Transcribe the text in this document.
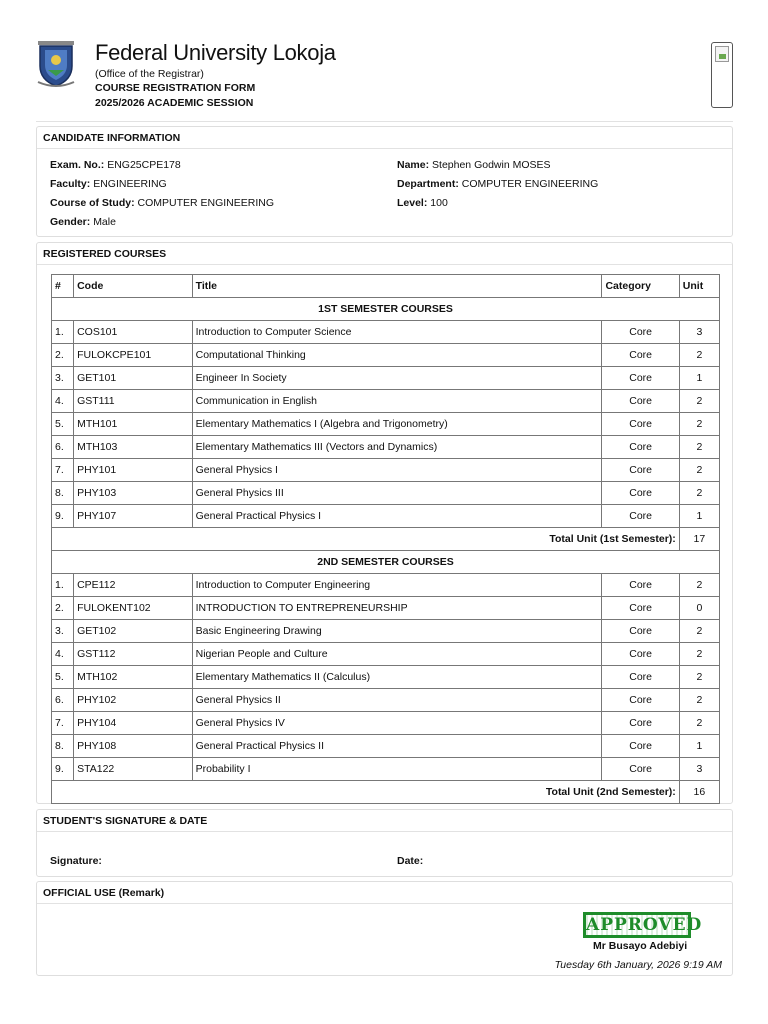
Federal University Lokoja
(Office of the Registrar)
COURSE REGISTRATION FORM
2025/2026 ACADEMIC SESSION
CANDIDATE INFORMATION
Exam. No.: ENG25CPE178	Name: Stephen Godwin MOSES
Faculty: ENGINEERING	Department: COMPUTER ENGINEERING
Course of Study: COMPUTER ENGINEERING	Level: 100
Gender: Male
REGISTERED COURSES
#	Code	Title	Category	Unit
1ST SEMESTER COURSES				
1.	COS101	Introduction to Computer Science	Core	3
2.	FULOKCPE101	Computational Thinking	Core	2
3.	GET101	Engineer In Society	Core	1
4.	GST111	Communication in English	Core	2
5.	MTH101	Elementary Mathematics I (Algebra and Trigonometry)	Core	2
6.	MTH103	Elementary Mathematics III (Vectors and Dynamics)	Core	2
7.	PHY101	General Physics I	Core	2
8.	PHY103	General Physics III	Core	2
9.	PHY107	General Practical Physics I	Core	1
Total Unit (1st Semester):				17
2ND SEMESTER COURSES				
1.	CPE112	Introduction to Computer Engineering	Core	2
2.	FULOKENT102	INTRODUCTION TO ENTREPRENEURSHIP	Core	0
3.	GET102	Basic Engineering Drawing	Core	2
4.	GST112	Nigerian People and Culture	Core	2
5.	MTH102	Elementary Mathematics II (Calculus)	Core	2
6.	PHY102	General Physics II	Core	2
7.	PHY104	General Physics IV	Core	2
8.	PHY108	General Practical Physics II	Core	1
9.	STA122	Probability I	Core	3
Total Unit (2nd Semester):				16
STUDENT'S SIGNATURE & DATE
Signature:	Date:
OFFICIAL USE (Remark)
APPROVED
Mr Busayo Adebiyi
Tuesday 6th January, 2026 9:19 AM
